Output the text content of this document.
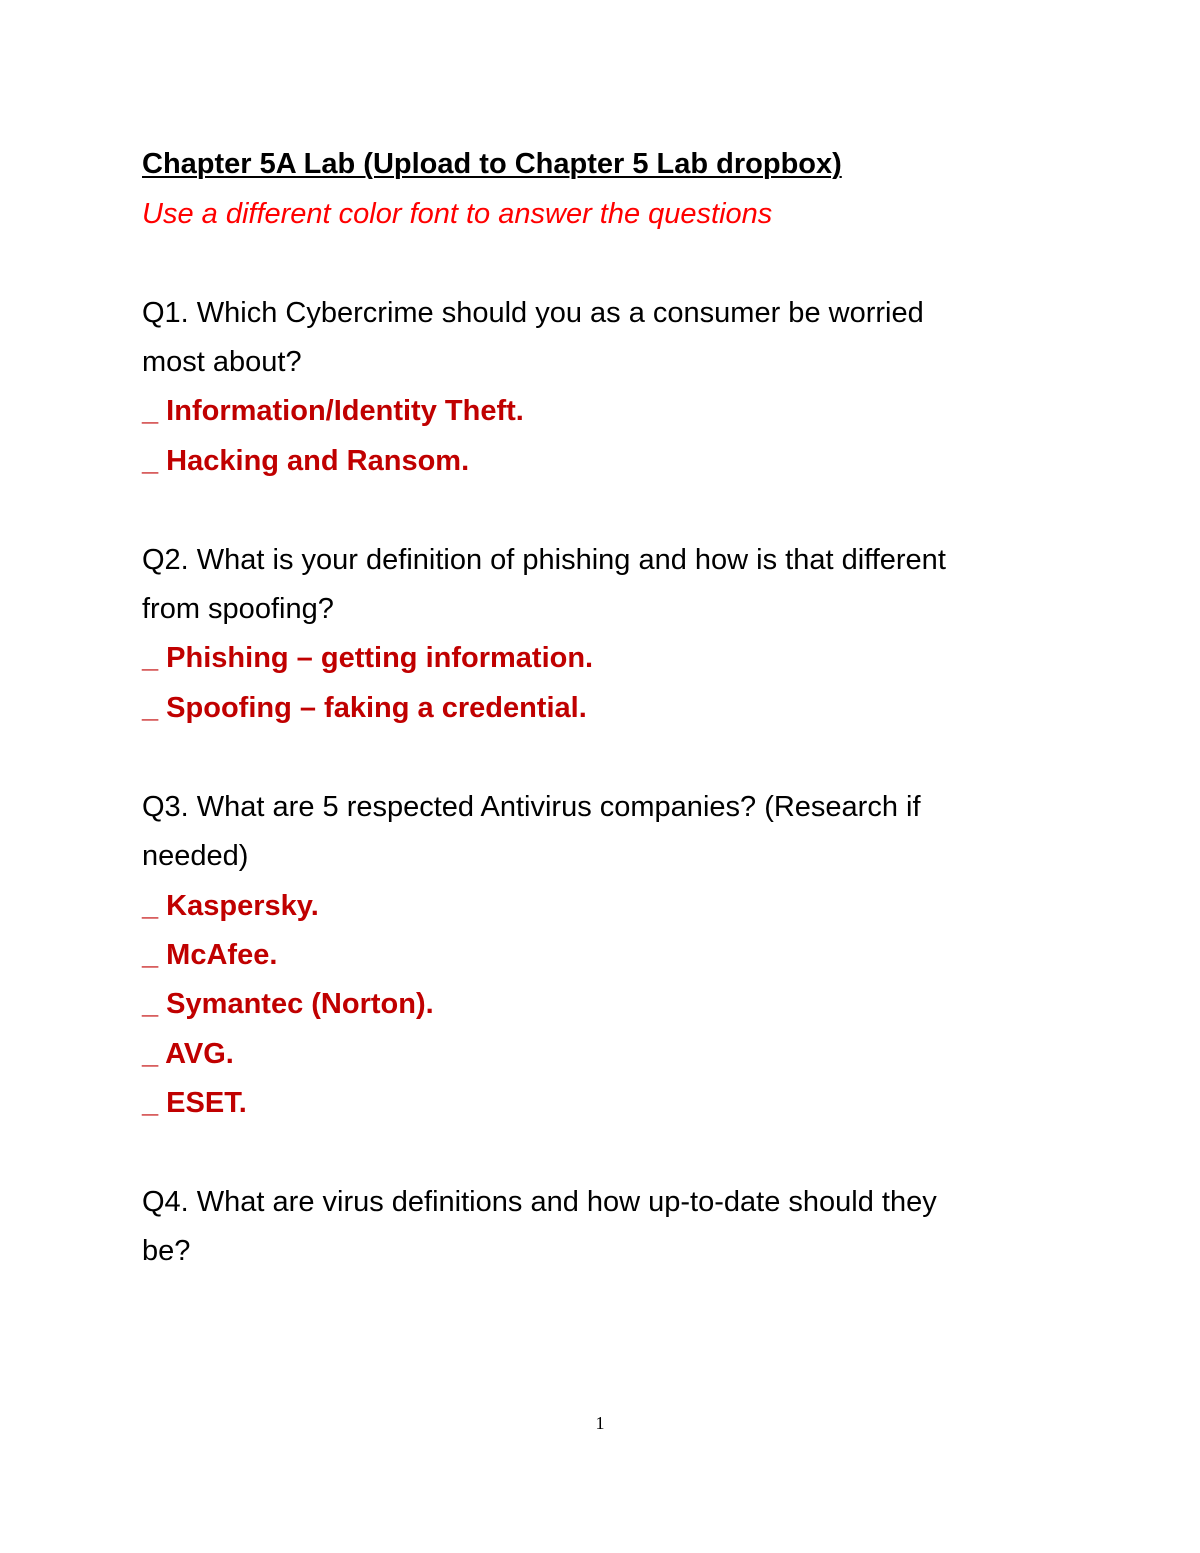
Chapter 5A Lab (Upload to Chapter 5 Lab dropbox)
Use a different color font to answer the questions
Q1. Which Cybercrime should you as a consumer be worried
most about?
_ Information/Identity Theft.
_ Hacking and Ransom.
Q2. What is your definition of phishing and how is that different
from spoofing?
_ Phishing – getting information.
_ Spoofing – faking a credential.
Q3. What are 5 respected Antivirus companies? (Research if
needed)
_ Kaspersky.
_ McAfee.
_ Symantec (Norton).
_ AVG.
_ ESET.
Q4. What are virus definitions and how up-to-date should they
be?
1
